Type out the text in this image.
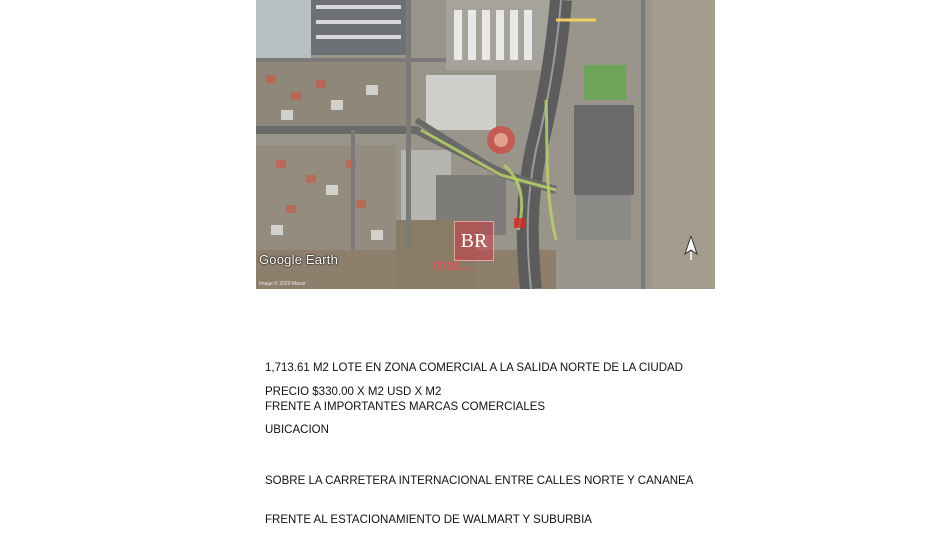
BR
mai...
Google Earth
Image © 2020 Maxar

1,713.61 M2 LOTE EN ZONA COMERCIAL A LA SALIDA NORTE DE LA CIUDAD

FRENTE A IMPORTANTES MARCAS COMERCIALES

PRECIO $330.00 X M2 USD X M2
UBICACION

SOBRE LA CARRETERA INTERNACIONAL ENTRE CALLES NORTE Y CANANEA

FRENTE AL ESTACIONAMIENTO DE WALMART Y SUBURBIA
